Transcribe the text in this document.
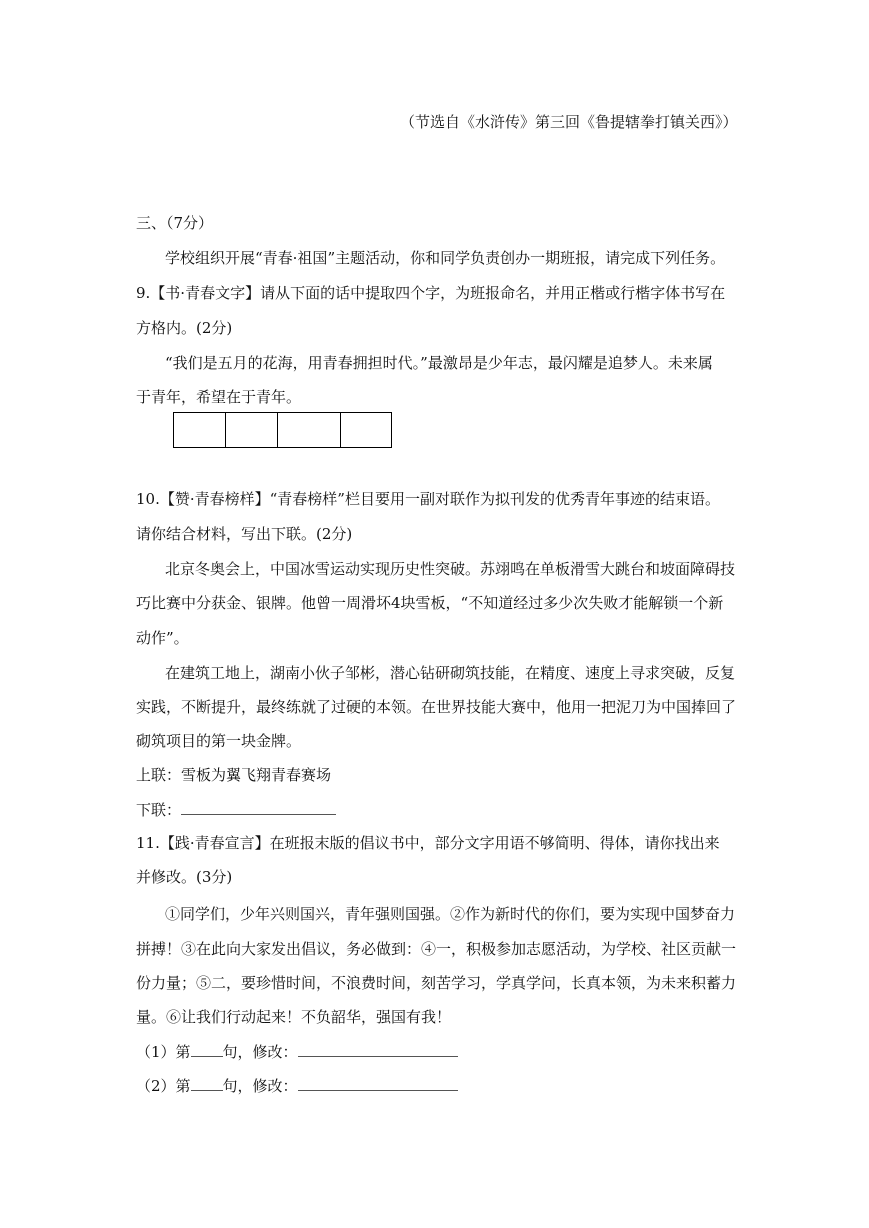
（节选自《水浒传》第三回《鲁提辖拳打镇关西》）
三、（7分）
学校组织开展“青春·祖国”主题活动，你和同学负责创办一期班报，请完成下列任务。
9.【书·青春文字】请从下面的话中提取四个字，为班报命名，并用正楷或行楷字体书写在
方格内。(2分)
“我们是五月的花海，用青春拥担时代。”最激昂是少年志，最闪耀是追梦人。未来属
于青年，希望在于青年。
10.【赞·青春榜样】“青春榜样”栏目要用一副对联作为拟刊发的优秀青年事迹的结束语。
请你结合材料，写出下联。(2分)
北京冬奥会上，中国冰雪运动实现历史性突破。苏翊鸣在单板滑雪大跳台和坡面障碍技
巧比赛中分获金、银牌。他曾一周滑坏4块雪板，“不知道经过多少次失败才能解锁一个新
动作”。
在建筑工地上，湖南小伙子邹彬，潜心钻研砌筑技能，在精度、速度上寻求突破，反复
实践，不断提升，最终练就了过硬的本领。在世界技能大赛中，他用一把泥刀为中国捧回了
砌筑项目的第一块金牌。
上联：雪板为翼飞翔青春赛场
下联：
11.【践·青春宣言】在班报末版的倡议书中，部分文字用语不够简明、得体，请你找出来
并修改。(3分)
①同学们，少年兴则国兴，青年强则国强。②作为新时代的你们，要为实现中国梦奋力
拼搏！③在此向大家发出倡议，务必做到：④一，积极参加志愿活动，为学校、社区贡献一
份力量；⑤二，要珍惜时间，不浪费时间，刻苦学习，学真学问，长真本领，为未来积蓄力
量。⑥让我们行动起来！不负韶华，强国有我！
（1）第 句，修改：
（2）第 句，修改：
